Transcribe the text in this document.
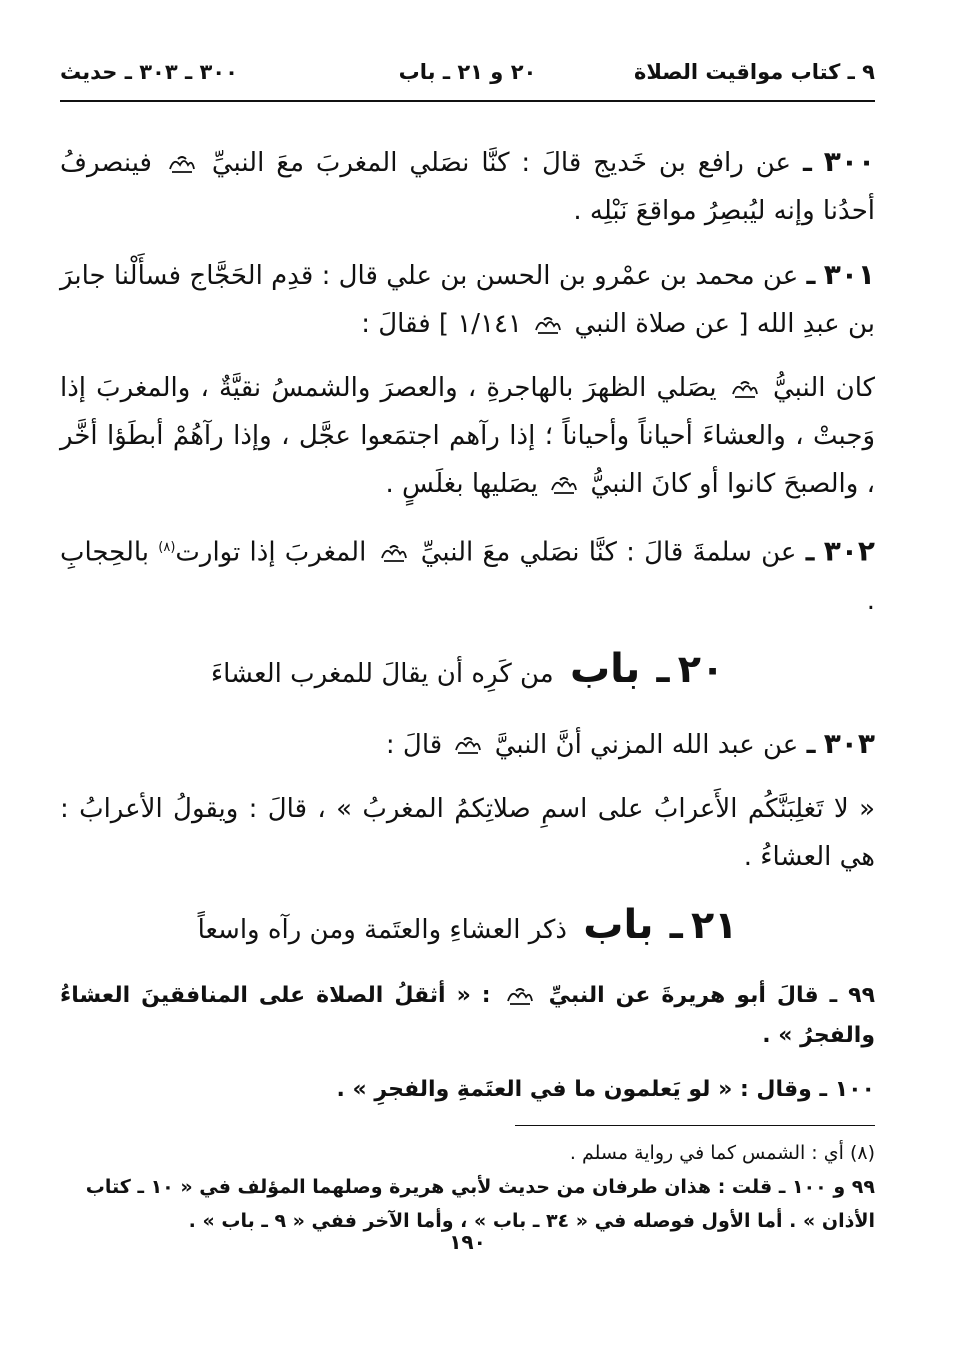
٩ ـ كتاب مواقيت الصلاة
٢٠ و ٢١ ـ باب
٣٠٠ ـ ٣٠٣ ـ حديث

٣٠٠ ـ عن رافع بن خَديج قالَ : كنَّا نصَلي المغربَ معَ النبيِّ  فينصرفُ أحدُنا وإنه ليُبصِرُ مواقعَ نَبْلِه .

٣٠١ ـ عن محمد بن عمْرو بن الحسن بن علي قال : قدِم الحَجَّاج فسأَلْنا جابرَ بن عبدِ الله [ عن صلاة النبي  ١/١٤١ ] فقالَ :

كان النبيُّ  يصَلي الظهرَ بالهاجرةِ ، والعصرَ والشمسُ نقيَّةٌ ، والمغربَ إذا وَجبتْ ، والعشاءَ أحياناً وأحياناً ؛ إذا رآهم اجتمَعوا عجَّل ، وإذا رآهُمْ أبطَؤا أخَّر ، والصبحَ كانوا أو كانَ النبيُّ  يصَليها بغلَسٍ .

٣٠٢ ـ عن سلمةَ قالَ : كنَّا نصَلي معَ النبيِّ  المغربَ إذا توارت$^{(٨)}$ بالحِجابِ .

٢٠ ـ باب من كَرِه أن يقالَ للمغرب العشاءَ

٣٠٣ ـ عن عبد الله المزني أنَّ النبيَّ  قالَ :

« لا تَغلِبَنَّكُم الأَعرابُ على اسمِ صلاتِكمُ المغربُ » ، قالَ : ويقولُ الأعرابُ : هي العشاءُ .

٢١ ـ باب ذكر العشاءِ والعتَمة ومن رآه واسعاً

٩٩ ـ قالَ أبو هريرةَ عن النبيِّ  : « أثقلُ الصلاة على المنافقينَ العشاءُ والفجرُ » .

١٠٠ ـ وقال : « لو يَعلمون ما في العتَمةِ والفجرِ » .

(٨) أي : الشمس كما في رواية مسلم .

٩٩ و ١٠٠ ـ قلت : هذان طرفان من حديث لأبي هريرة وصلهما المؤلف في « ١٠ ـ كتاب الأذان » . أما الأول فوصله في « ٣٤ ـ باب » ، وأما الآخر ففي « ٩ ـ باب » .

١٩٠
